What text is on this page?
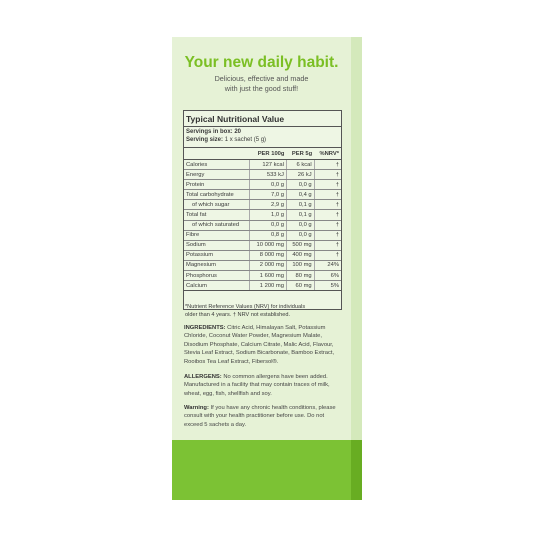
Your new daily habit.
Delicious, effective and made
with just the good stuff!
Typical Nutritional Value
Servings in box: 20
Serving size: 1 x sachet (5 g)
	PER 100g	PER 5g	%NRV*
Calories	127 kcal	6 kcal	†
Energy	533 kJ	26 kJ	†
Protein	0,0 g	0,0 g	†
Total carbohydrate	7,0 g	0,4 g	†
of which sugar	2,9 g	0,1 g	†
Total fat	1,0 g	0,1 g	†
of which saturated	0,0 g	0,0 g	†
Fibre	0,8 g	0,0 g	†
Sodium	10 000 mg	500 mg	†
Potassium	8 000 mg	400 mg	†
Magnesium	2 000 mg	100 mg	24%
Phosphorus	1 600 mg	80 mg	6%
Calcium	1 200 mg	60 mg	5%
*Nutrient Reference Values (NRV) for individuals
older than 4 years. † NRV not established.
INGREDIENTS: Citric Acid, Himalayan Salt, Potassium
Chloride, Coconut Water Powder, Magnesium Malate,
Disodium Phosphate, Calcium Citrate, Malic Acid, Flavour,
Stevia Leaf Extract, Sodium Bicarbonate, Bamboo Extract,
Rooibos Tea Leaf Extract, Fibersol®.
ALLERGENS: No common allergens have been added.
Manufactured in a facility that may contain traces of milk,
wheat, egg, fish, shellfish and soy.
Warning: If you have any chronic health conditions, please
consult with your health practitioner before use. Do not
exceed 5 sachets a day.
